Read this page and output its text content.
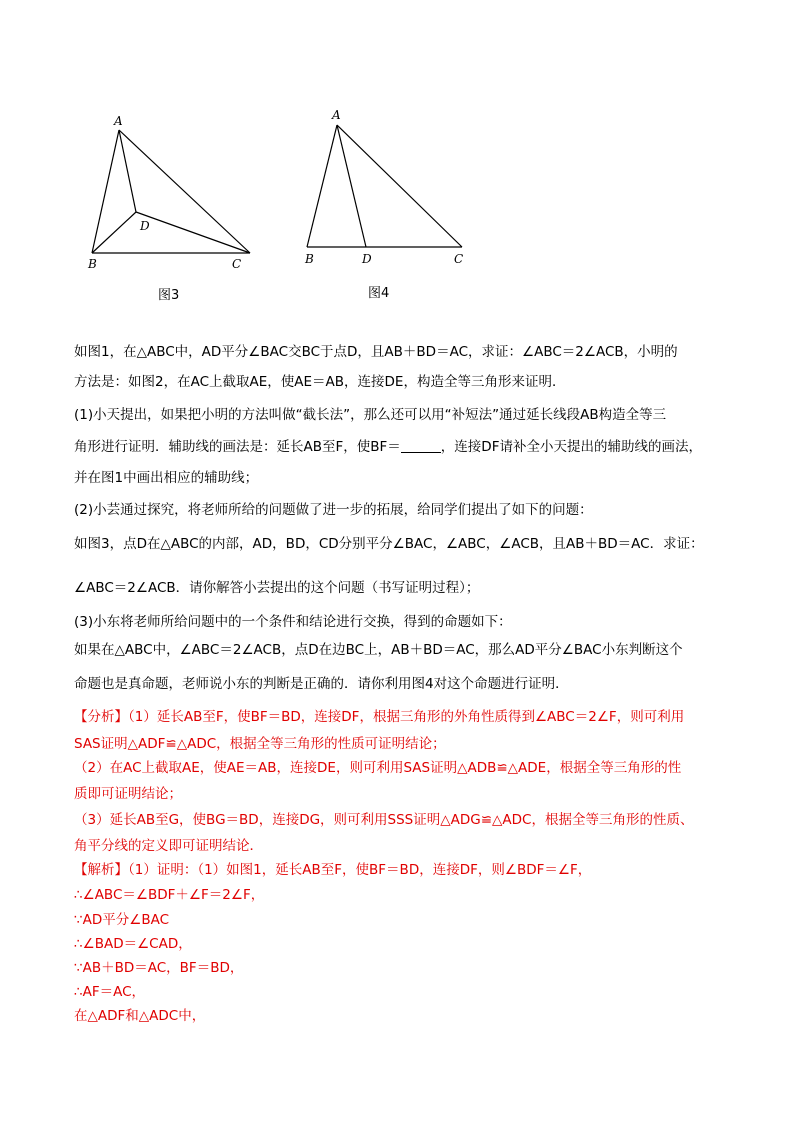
A
B	C
D
图3
A
B	D	C
图4
如图1，在△ABC中，AD平分∠BAC交BC于点D，且AB＋BD＝AC，求证：∠ABC＝2∠ACB，小明的
方法是：如图2，在AC上截取AE，使AE＝AB，连接DE，构造全等三角形来证明．
(1)小天提出，如果把小明的方法叫做“截长法”，那么还可以用“补短法”通过延长线段AB构造全等三
角形进行证明．辅助线的画法是：延长AB至F，使BF＝	，连接DF请补全小天提出的辅助线的画法，
并在图1中画出相应的辅助线；
(2)小芸通过探究，将老师所给的问题做了进一步的拓展，给同学们提出了如下的问题：
如图3，点D在△ABC的内部，AD，BD，CD分别平分∠BAC，∠ABC，∠ACB，且AB＋BD＝AC．求证：
∠ABC＝2∠ACB．请你解答小芸提出的这个问题（书写证明过程）；
(3)小东将老师所给问题中的一个条件和结论进行交换，得到的命题如下：
如果在△ABC中，∠ABC＝2∠ACB，点D在边BC上，AB＋BD＝AC，那么AD平分∠BAC小东判断这个
命题也是真命题，老师说小东的判断是正确的．请你利用图4对这个命题进行证明．
【分析】（1）延长AB至F，使BF＝BD，连接DF，根据三角形的外角性质得到∠ABC＝2∠F，则可利用
SAS证明△ADF≌△ADC，根据全等三角形的性质可证明结论；
（2）在AC上截取AE，使AE＝AB，连接DE，则可利用SAS证明△ADB≌△ADE，根据全等三角形的性
质即可证明结论；
（3）延长AB至G，使BG＝BD，连接DG，则可利用SSS证明△ADG≌△ADC，根据全等三角形的性质、
角平分线的定义即可证明结论．
【解析】（1）证明：（1）如图1，延长AB至F，使BF＝BD，连接DF，则∠BDF＝∠F，
∴∠ABC＝∠BDF＋∠F＝2∠F，
∵AD平分∠BAC
∴∠BAD＝∠CAD，
∵AB＋BD＝AC，BF＝BD，
∴AF＝AC，
在△ADF和△ADC中，
